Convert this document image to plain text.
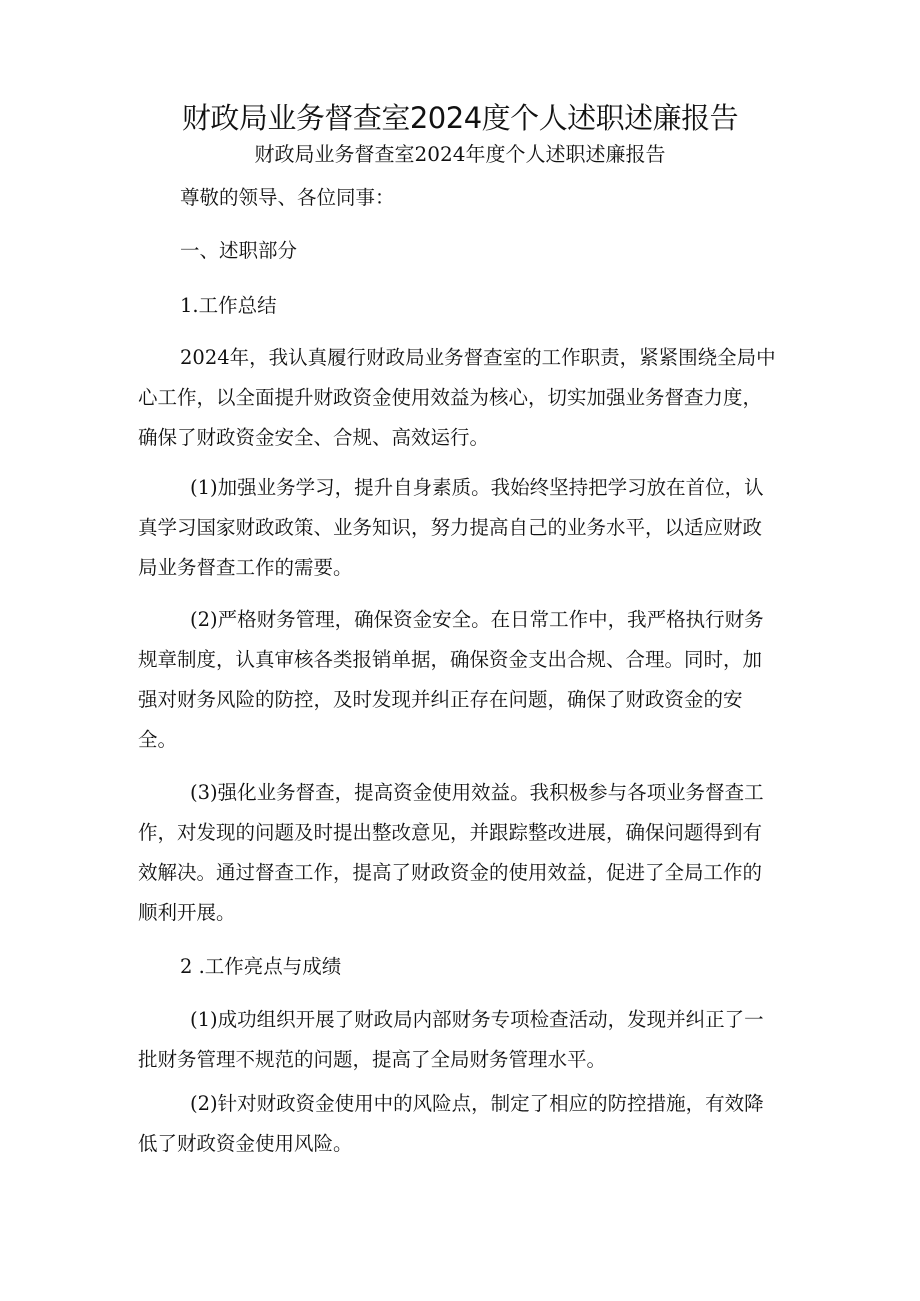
财政局业务督查室2024度个人述职述廉报告

财政局业务督查室2024年度个人述职述廉报告

尊敬的领导、各位同事：

一、述职部分

1.工作总结

2024年，我认真履行财政局业务督查室的工作职责，紧紧围绕全局中心工作，以全面提升财政资金使用效益为核心，切实加强业务督查力度，确保了财政资金安全、合规、高效运行。

(1)加强业务学习，提升自身素质。我始终坚持把学习放在首位，认真学习国家财政政策、业务知识，努力提高自己的业务水平，以适应财政局业务督查工作的需要。

(2)严格财务管理，确保资金安全。在日常工作中，我严格执行财务规章制度，认真审核各类报销单据，确保资金支出合规、合理。同时，加强对财务风险的防控，及时发现并纠正存在问题，确保了财政资金的安全。

(3)强化业务督查，提高资金使用效益。我积极参与各项业务督查工作，对发现的问题及时提出整改意见，并跟踪整改进展，确保问题得到有效解决。通过督查工作，提高了财政资金的使用效益，促进了全局工作的顺利开展。

2 .工作亮点与成绩

(1)成功组织开展了财政局内部财务专项检查活动，发现并纠正了一批财务管理不规范的问题，提高了全局财务管理水平。

(2)针对财政资金使用中的风险点，制定了相应的防控措施，有效降低了财政资金使用风险。
